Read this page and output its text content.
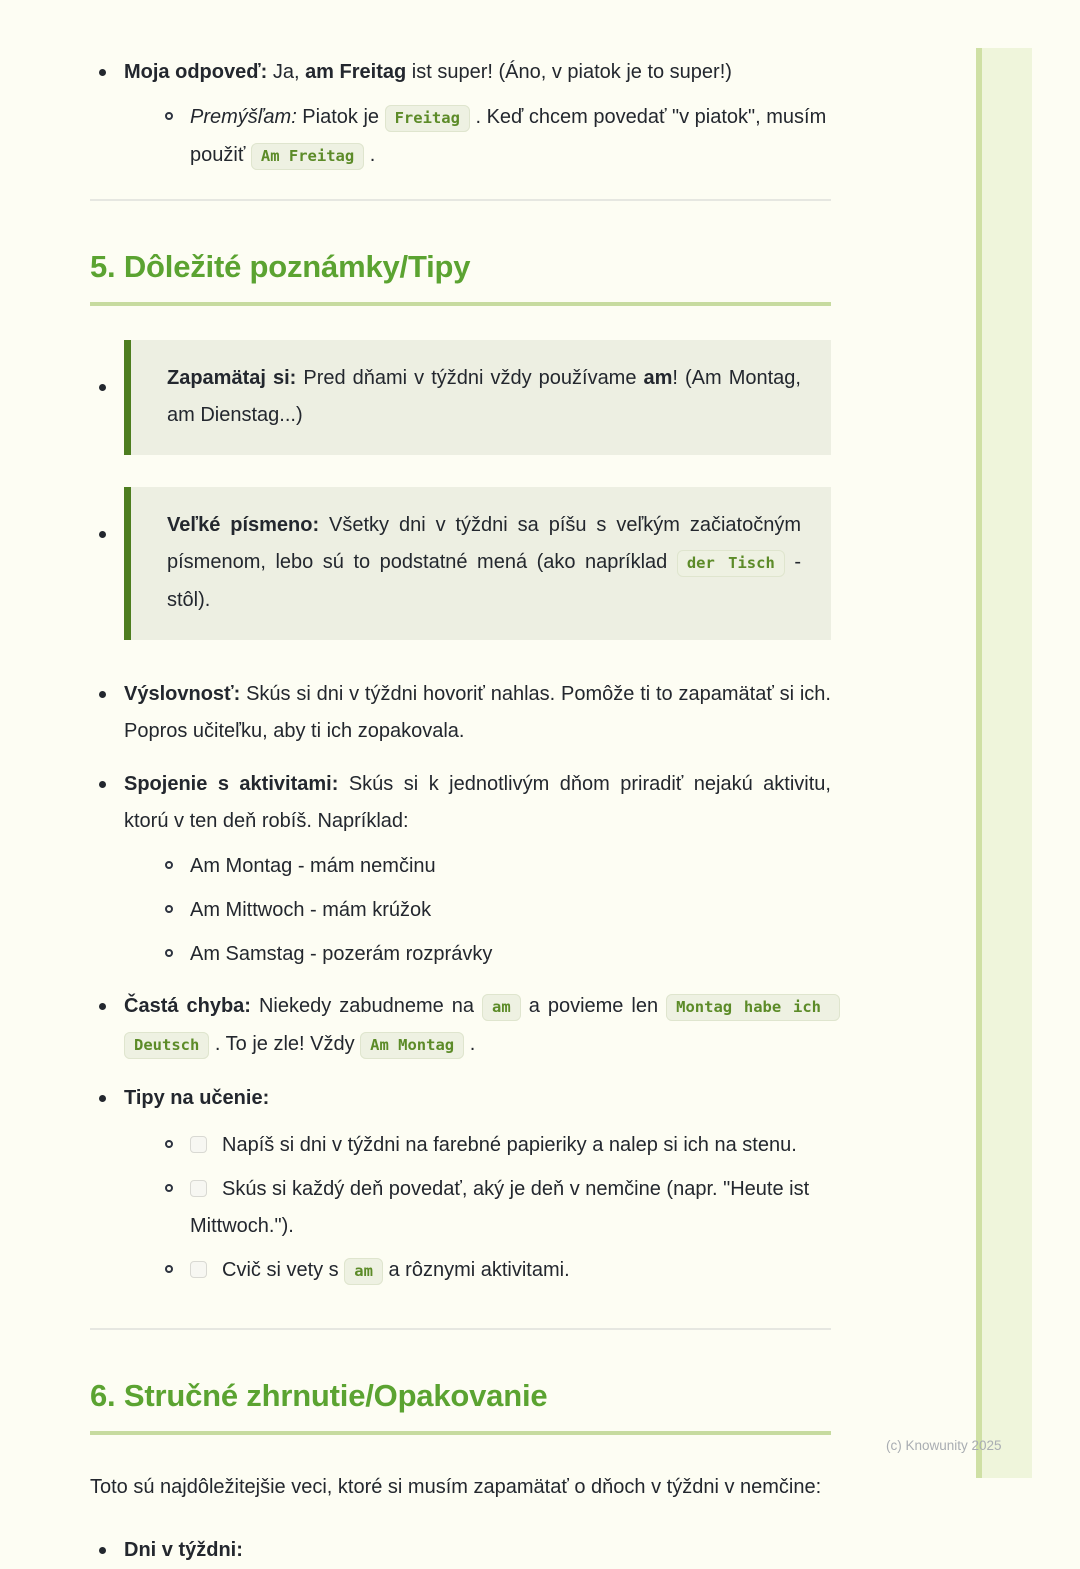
Moja odpoveď: Ja, am Freitag ist super! (Áno, v piatok je to super!)
Premýšľam: Piatok je Freitag . Keď chcem povedať "v piatok", musím použiť Am Freitag .
5. Dôležité poznámky/Tipy
Zapamätaj si: Pred dňami v týždni vždy používame am! (Am Montag, am Dienstag...)
Veľké písmeno: Všetky dni v týždni sa píšu s veľkým začiatočným písmenom, lebo sú to podstatné mená (ako napríklad der Tisch - stôl).
Výslovnosť: Skús si dni v týždni hovoriť nahlas. Pomôže ti to zapamätať si ich. Popros učiteľku, aby ti ich zopakovala.
Spojenie s aktivitami: Skús si k jednotlivým dňom priradiť nejakú aktivitu, ktorú v ten deň robíš. Napríklad:
Am Montag - mám nemčinu
Am Mittwoch - mám krúžok
Am Samstag - pozerám rozprávky
Častá chyba: Niekedy zabudneme na am a povieme len Montag habe ich Deutsch . To je zle! Vždy Am Montag .
Tipy na učenie:
Napíš si dni v týždni na farebné papieriky a nalep si ich na stenu.
Skús si každý deň povedať, aký je deň v nemčine (napr. "Heute ist Mittwoch.").
Cvič si vety s am a rôznymi aktivitami.
6. Stručné zhrnutie/Opakovanie

Toto sú najdôležitejšie veci, ktoré si musím zapamätať o dňoch v týždni v nemčine:

Dni v týždni:
(c) Knowunity 2025
